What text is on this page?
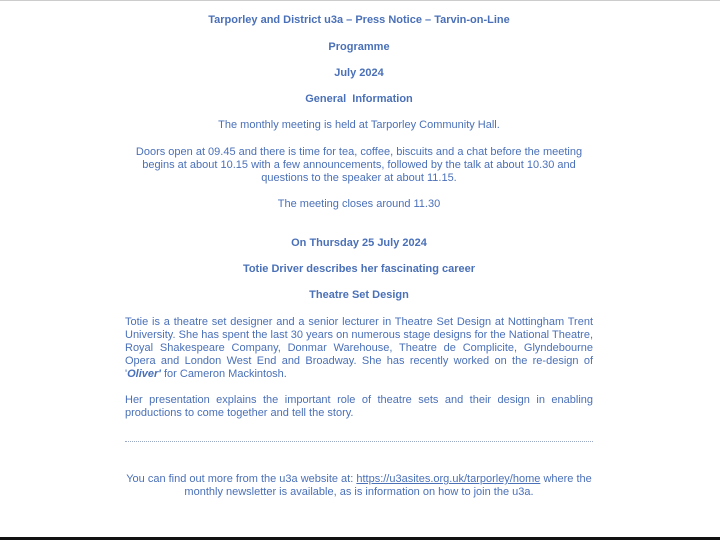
Tarporley and District u3a – Press Notice – Tarvin-on-Line
Programme
July 2024
General  Information
The monthly meeting is held at Tarporley Community Hall.
Doors open at 09.45 and there is time for tea, coffee, biscuits and a chat before the meeting begins at about 10.15 with a few announcements, followed by the talk at about 10.30 and questions to the speaker at about 11.15.
The meeting closes around 11.30
On Thursday 25 July 2024
Totie Driver describes her fascinating career
Theatre Set Design
Totie is a theatre set designer and a senior lecturer in Theatre Set Design at Nottingham Trent University. She has spent the last 30 years on numerous stage designs for the National Theatre, Royal Shakespeare Company, Donmar Warehouse, Theatre de Complicite, Glyndebourne Opera and London West End and Broadway. She has recently worked on the re-design of 'Oliver' for Cameron Mackintosh.
Her presentation explains the important role of theatre sets and their design in enabling productions to come together and tell the story.
You can find out more from the u3a website at: https://u3asites.org.uk/tarporley/home where the monthly newsletter is available, as is information on how to join the u3a.
